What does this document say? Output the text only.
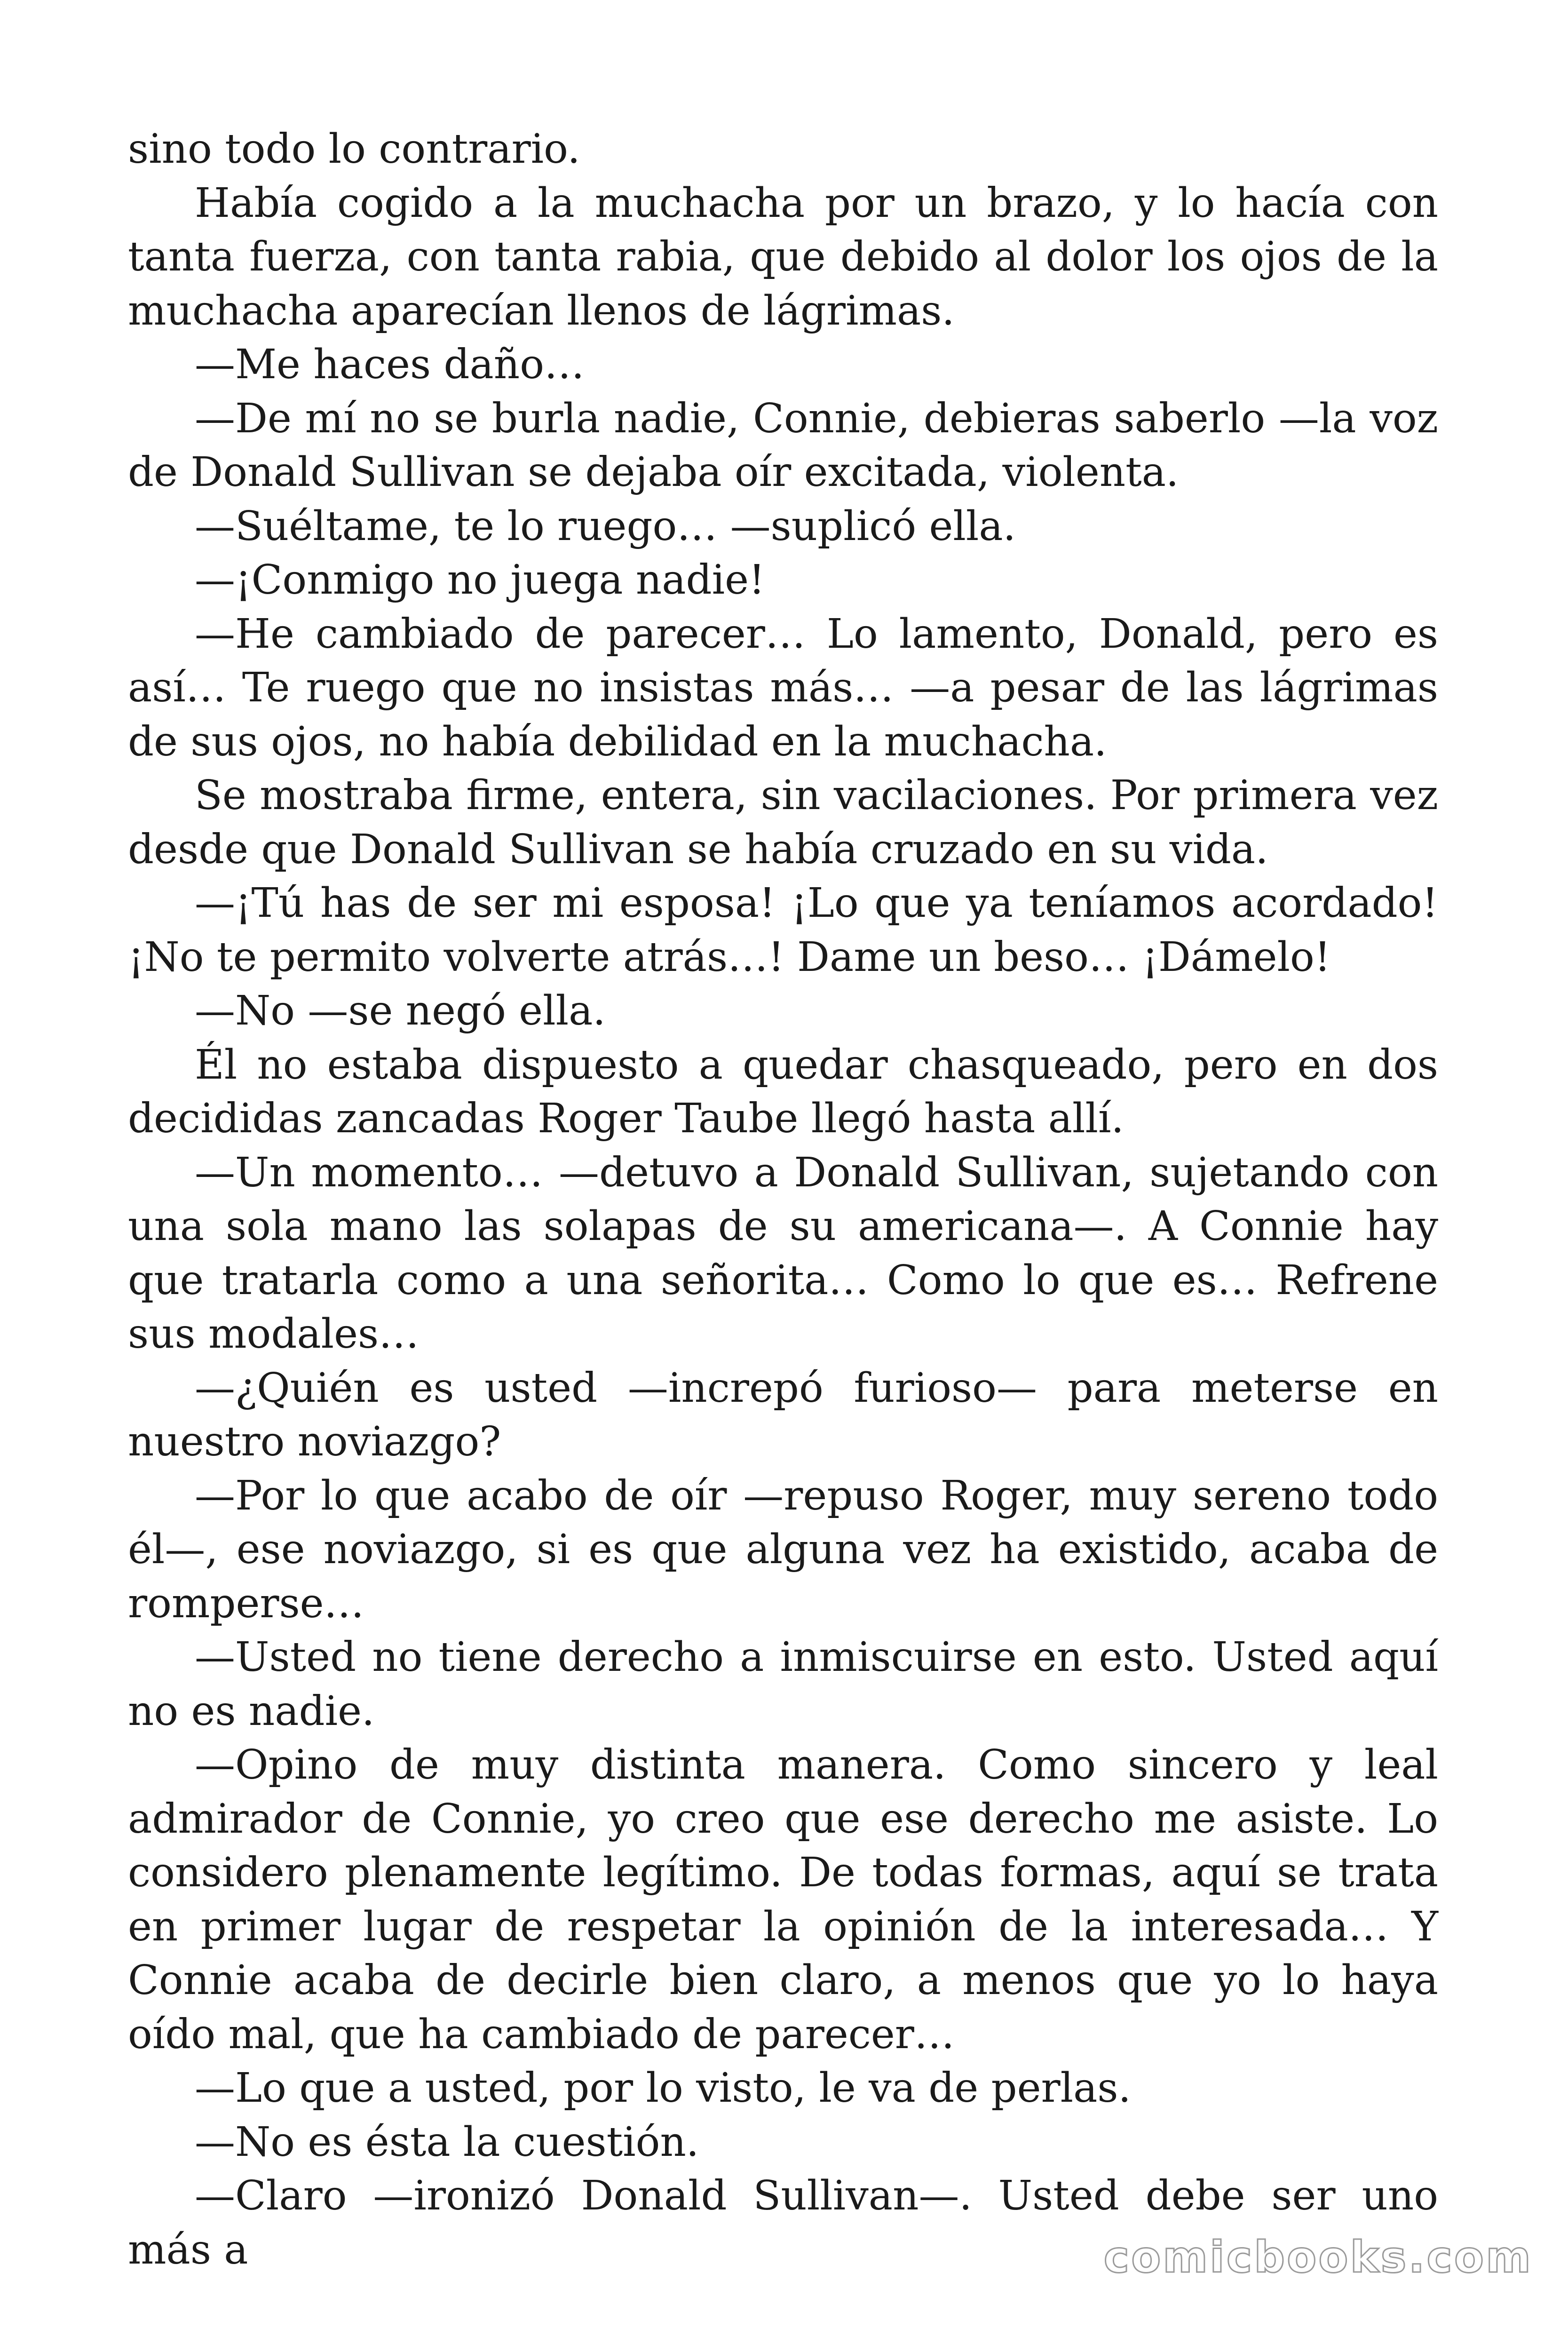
sino todo lo contrario.

Había cogido a la muchacha por un brazo, y lo hacía con tanta fuerza, con tanta rabia, que debido al dolor los ojos de la muchacha aparecían llenos de lágrimas.

—Me haces daño…

—De mí no se burla nadie, Connie, debieras saberlo —la voz de Donald Sullivan se dejaba oír excitada, violenta.

—Suéltame, te lo ruego… —suplicó ella.

—¡Conmigo no juega nadie!

—He cambiado de parecer… Lo lamento, Donald, pero es así… Te ruego que no insistas más… —a pesar de las lágrimas de sus ojos, no había debilidad en la muchacha.

Se mostraba firme, entera, sin vacilaciones. Por primera vez desde que Donald Sullivan se había cruzado en su vida.

—¡Tú has de ser mi esposa! ¡Lo que ya teníamos acordado! ¡No te permito volverte atrás…! Dame un beso… ¡Dámelo!

—No —se negó ella.

Él no estaba dispuesto a quedar chasqueado, pero en dos decididas zancadas Roger Taube llegó hasta allí.

—Un momento… —detuvo a Donald Sullivan, sujetando con una sola mano las solapas de su americana—. A Connie hay que tratarla como a una señorita… Como lo que es… Refrene sus modales…

—¿Quién es usted —increpó furioso— para meterse en nuestro noviazgo?

—Por lo que acabo de oír —repuso Roger, muy sereno todo él—, ese noviazgo, si es que alguna vez ha existido, acaba de romperse…

—Usted no tiene derecho a inmiscuirse en esto. Usted aquí no es nadie.

—Opino de muy distinta manera. Como sincero y leal admirador de Connie, yo creo que ese derecho me asiste. Lo considero plenamente legítimo. De todas formas, aquí se trata en primer lugar de respetar la opinión de la interesada… Y Connie acaba de decirle bien claro, a menos que yo lo haya oído mal, que ha cambiado de parecer…

—Lo que a usted, por lo visto, le va de perlas.

—No es ésta la cuestión.

—Claro —ironizó Donald Sullivan—. Usted debe ser uno más a	comicbooks.com
